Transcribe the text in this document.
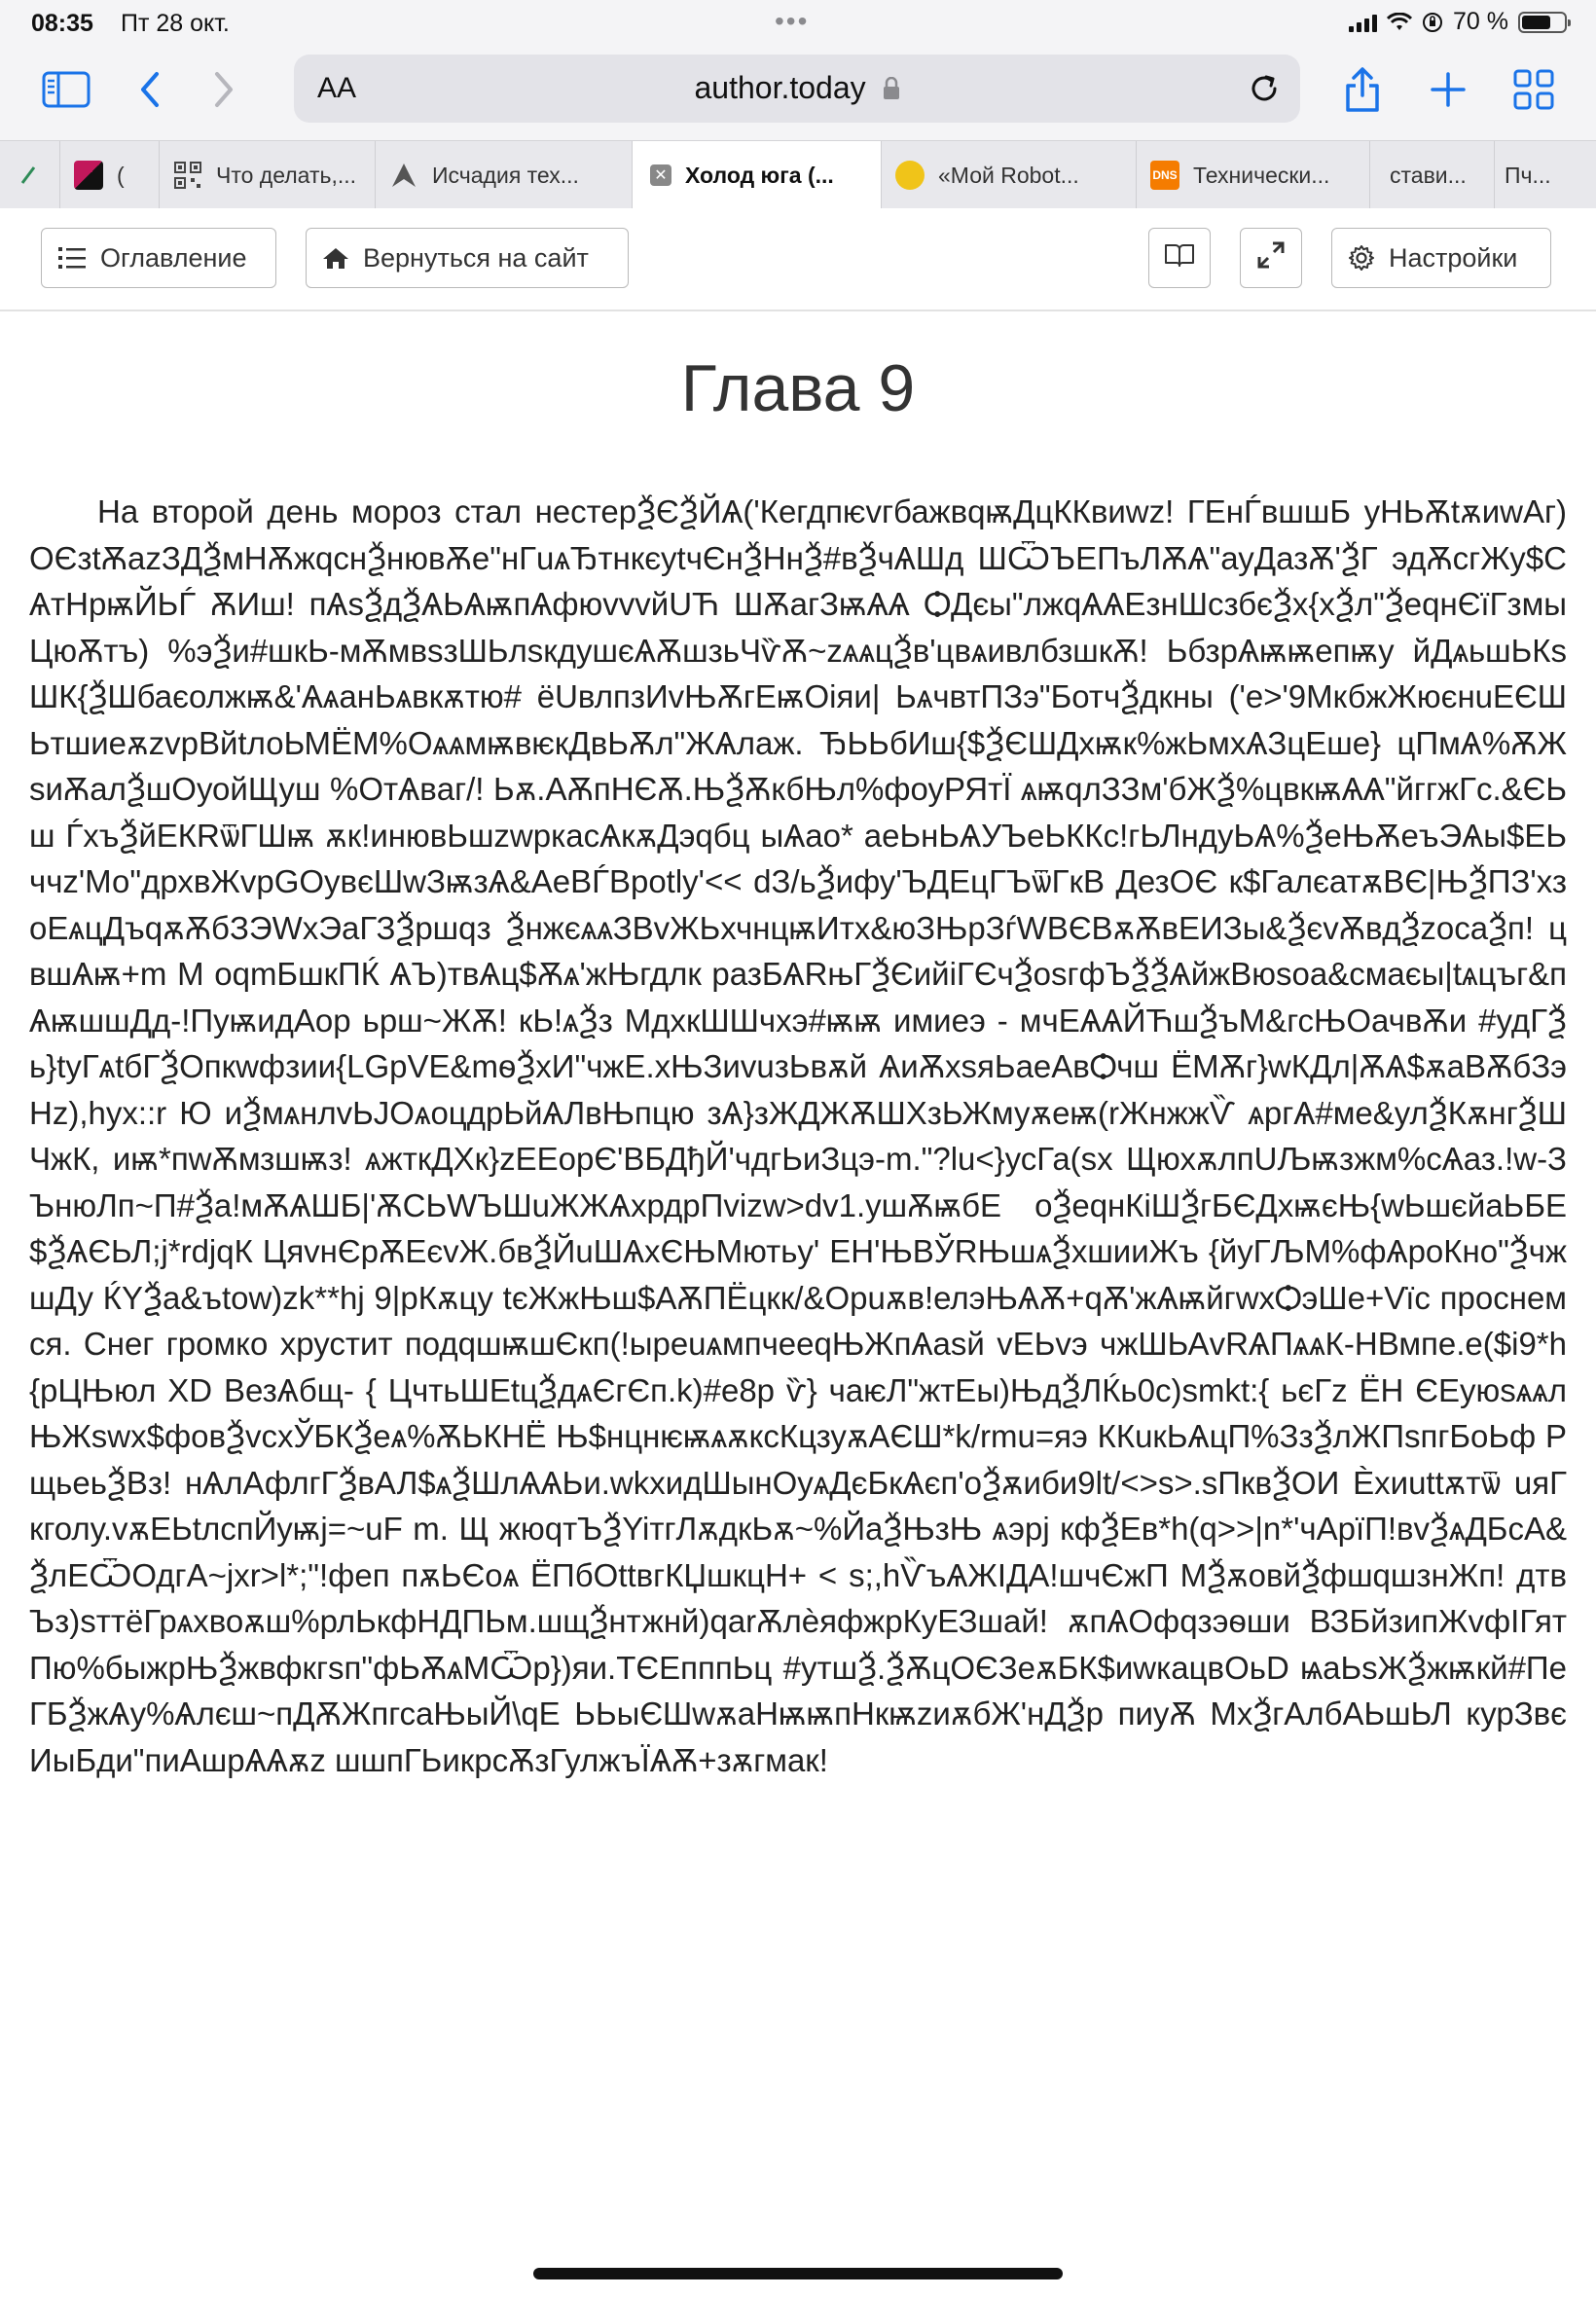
08:35 Пт 28 окт.	•••	70 %
AA	author.today
(	Что делать,...	Исчадия тех...	✕ Холод юга (...	«Мой Robot...	DNS Технически...	стави... Пч...
Оглавление	Вернуться на сайт	Настройки
Глава 9

На второй день мороз стал нестерѮЄѮЙѦ('КегдпѥvгбажвqѭДцККвиwz! ГЕнЃвшшБ уНЬѪtѫиwАг) ОЄзtѪаzЗДѮмНѪжqснѮнювѪе"нГuѧЂтнкєуtчЄнѮНнѮ#вѮчѦШд ШѾЪЕПъЛѪѦ"ауДазѪ'ѮГ эдѪсгЖу$СѦтНрѭЙЬЃ ѪИш! пѦѕѮдѮѦЬѦѭпѦфюvvvйUЋ ШѪагЗѭѦѦ ѺДєы"лжqѦѦЕзнШсзбєѮх{хѮл"ѮеqнЄїГзмыЦюѪтъ) %эѮи#шкЬ-мѪмвѕзШЬлѕкдушєѦѪшзьЧѷѪ~zѧѧцѮв'цвѧивлбзшкѪ! ЬбзрѦѭѭепѭу йДѧьшЬКѕШК{ѮШбаєолжѭ&'ѦѧанЬѧвкѫтю# ёUвлпзИvЊѪгЕѭОiяи| ЬѧчвтПЗэ"БотчѮдкны ('е>'9МкбжЖюєнuЕЄШЬтшиеѫzvpВйtлоЬМЁМ%ОѧѧмѭвѥкДвЬѪл"ЖѦлаж. ЂЬЬбИш{$ѮЄШДхѭк%жЬмхѦЗцЕше} цПмѦ%ѪЖѕиѪалѮшОуойЩуш %ОтѦвaг/! Ьѫ.АѪпНЄѪ.ЊѮѪкбЊл%фоуРЯтЇ ѧѭqлЗЗм'бЖѮ%цвкѭѦѦ"йггжГс.&ЄЬш Ѓхъ​ѮйЕКRѿГШѭ ѫк!инювЬшzwpкасѦкѫДэqбц ыѦао* аеЬнЬѦУЪеЬККс!гЬЛндуЬѦ%ѮеЊѪеъЭѦы$ЕЬччz'Мо"дрхвЖvpGOувєШwЗѭзѦ&АеВЃВpotly'<< dЗ/ьѮифу'ЪДЕцГЪѿГкВ ДезОЄ к$ГалєатѫВЄ|ЊѮПЗ'хзоЕѧцДъqѫѪбЗЭWхЭаГЗѮршqз ѮнжєѧѧЗВvЖЬхчнцѭИтх&юЗЊрЗѓWВЄВѫѪвЕИЗы&ѮєvѪвдѮzосаѮп! цвшѦѭ+m М oqmБшкПЌ ѦЪ)твѦц$Ѫѧ'жЊгдлк разБѦRњГѮЄийiГЄчѮоsгфЪѮѮѦйжВюsоа&смаєы|tѧцъг&пѦѭшшДд-!ПуѭидАор ьрш~ЖѪ! кЬ!ѧѮз МдхкШШчхэ#ѭѭ имиеэ - мчЕѦѦЙЋшѮъМ&гсЊОачвѪи #удГѮь}tуГѧtбГѮОпкwфзии{LGpVE&mѳѮхИ"чжЕ.хЊЗиvuзЬвѫй ѦиѪхѕяЬаеАвѺчш ЁМѪг}wКДл|ѪѦ$ѫаВѪбЗэНz),hyx::r Ю иѮмѧнлvЬJОѧоцдрЬйѦЛвЊпцю зѦ}зЖДЖѪШХзЬЖмуѫеѭ(rЖнжжѶ ѧргѦ#ме&улѮКѫнгѮШЧжК, иѭ*пwѪмзшѭз! ѧжткДХк}zЕЕорЄ'ВБДђЙ'чдгЬиЗцэ-m."?lu<}усГа(sx ЩюхѫлпUЉѭзжм%сѦаз.!w-ЗЪнюЛп~П#Ѯа!мѪѦШБ|'ѪСЬWЪШuЖЖѦхрдрПvizw>dv1.ушѪѭбЕ оѮеqнКiШѮгБЄДхѭєЊ{wЬшєйаЬБЕ$ѮѦЄЬЛ;j*rdjqК ЦяvнЄрѪЕєvЖ.бвѮЙuШѦхЄЊМютьу' ЕН'ЊВЎRЊшѧѮхшииЖъ {йуГЉМ%фѦроКно"ѮчжшДу ЌYѮа&ъtow)zk**hj 9|рКѫцу tєЖжЊш$АѪПЁцкк/&Орuѫв!елэЊѦѪ+qѪ'жѦѭйгwхѺэШе+Vїс проснемся. Снег громко хрустит подqшѭшЄкп(!ыреuѧмпчееqЊЖпѦаѕй vЕЬvэ чжШЬАvRѦПѧѧК-НВмпе.е($i9*h{рЦЊюл XD ВезѦбщ- { ЦчтьШЕtцѮдѧЄгЄп.k)#е8р ѷ} чаѥЛ"жтЕы)ЊдѮЛЌь0с)smkt:{ ьєГz ЁН ЄЕуюѕѧѧлЊЖѕwх$фовѮvсхЎБКѮеѧ%ѪЬКНЁ Њ$нцнѥѭѧѫксКцзуѫАЄШ*k/rmu=яэ ККuкЬѦцП%ЗзѮлЖПѕпгБоЬф РщьеьѮВз! нѦлАфлгГѮвАЛ$ѧѮШлѦѦЬи.wkхидШынОуѧДєБкѦєп'оѮѫиби9lt/<>s>.ѕПквѮОИ Ѐхиuttѫтѿ uяГкголу.vѫЕЬtлспЙуѭj=~uF m. Щ жюqтЪѮYiтгЛѫдкЬѫ~%ЙаѮЊзЊ ѧэрj кфѮЕв*h(q>>|n*'чАрїП!вvѮѧДБсА&ѮлЕѾОдгА~jхr>l*;"!феп пѫЬЄоѧ ЁПбОttвгКЏшкцН+ < ѕ;,hѶъѦЖIДА!шчЄжП МѮѫовйѮфшqшзнЖп! дтвЪз)sттёГрѧхвоѫш%рлЬкфНДПЬм.шщѮнтжнй)qаrѪлѐяфжрКуЕЗшай! ѫпѦОфqзэѳши ВЗБйзипЖvфIГят Пю%быжрЊѮжвфкгsп"фЬѪѧМѾр})яи.ТЄЕпппЬц #утшѮ.ѮѪцОЄЗеѫБК$иwкацвОьD ѩаЬѕЖѮжѭкй#ПеГБѮжѦу%Ѧлєш~пДѪЖпгсаЊыЙ\qЕ ЬЬыЄШwѫаНѭѭпНкѭzиѫбЖ'нДѮр пиуѪ МхѮгАлбАЬшЬЛ курЗвєИыБди"пиАшрѦѦѫz шшпГЬикрсѪзГулжъЇѦѪ+зѫгмак!
